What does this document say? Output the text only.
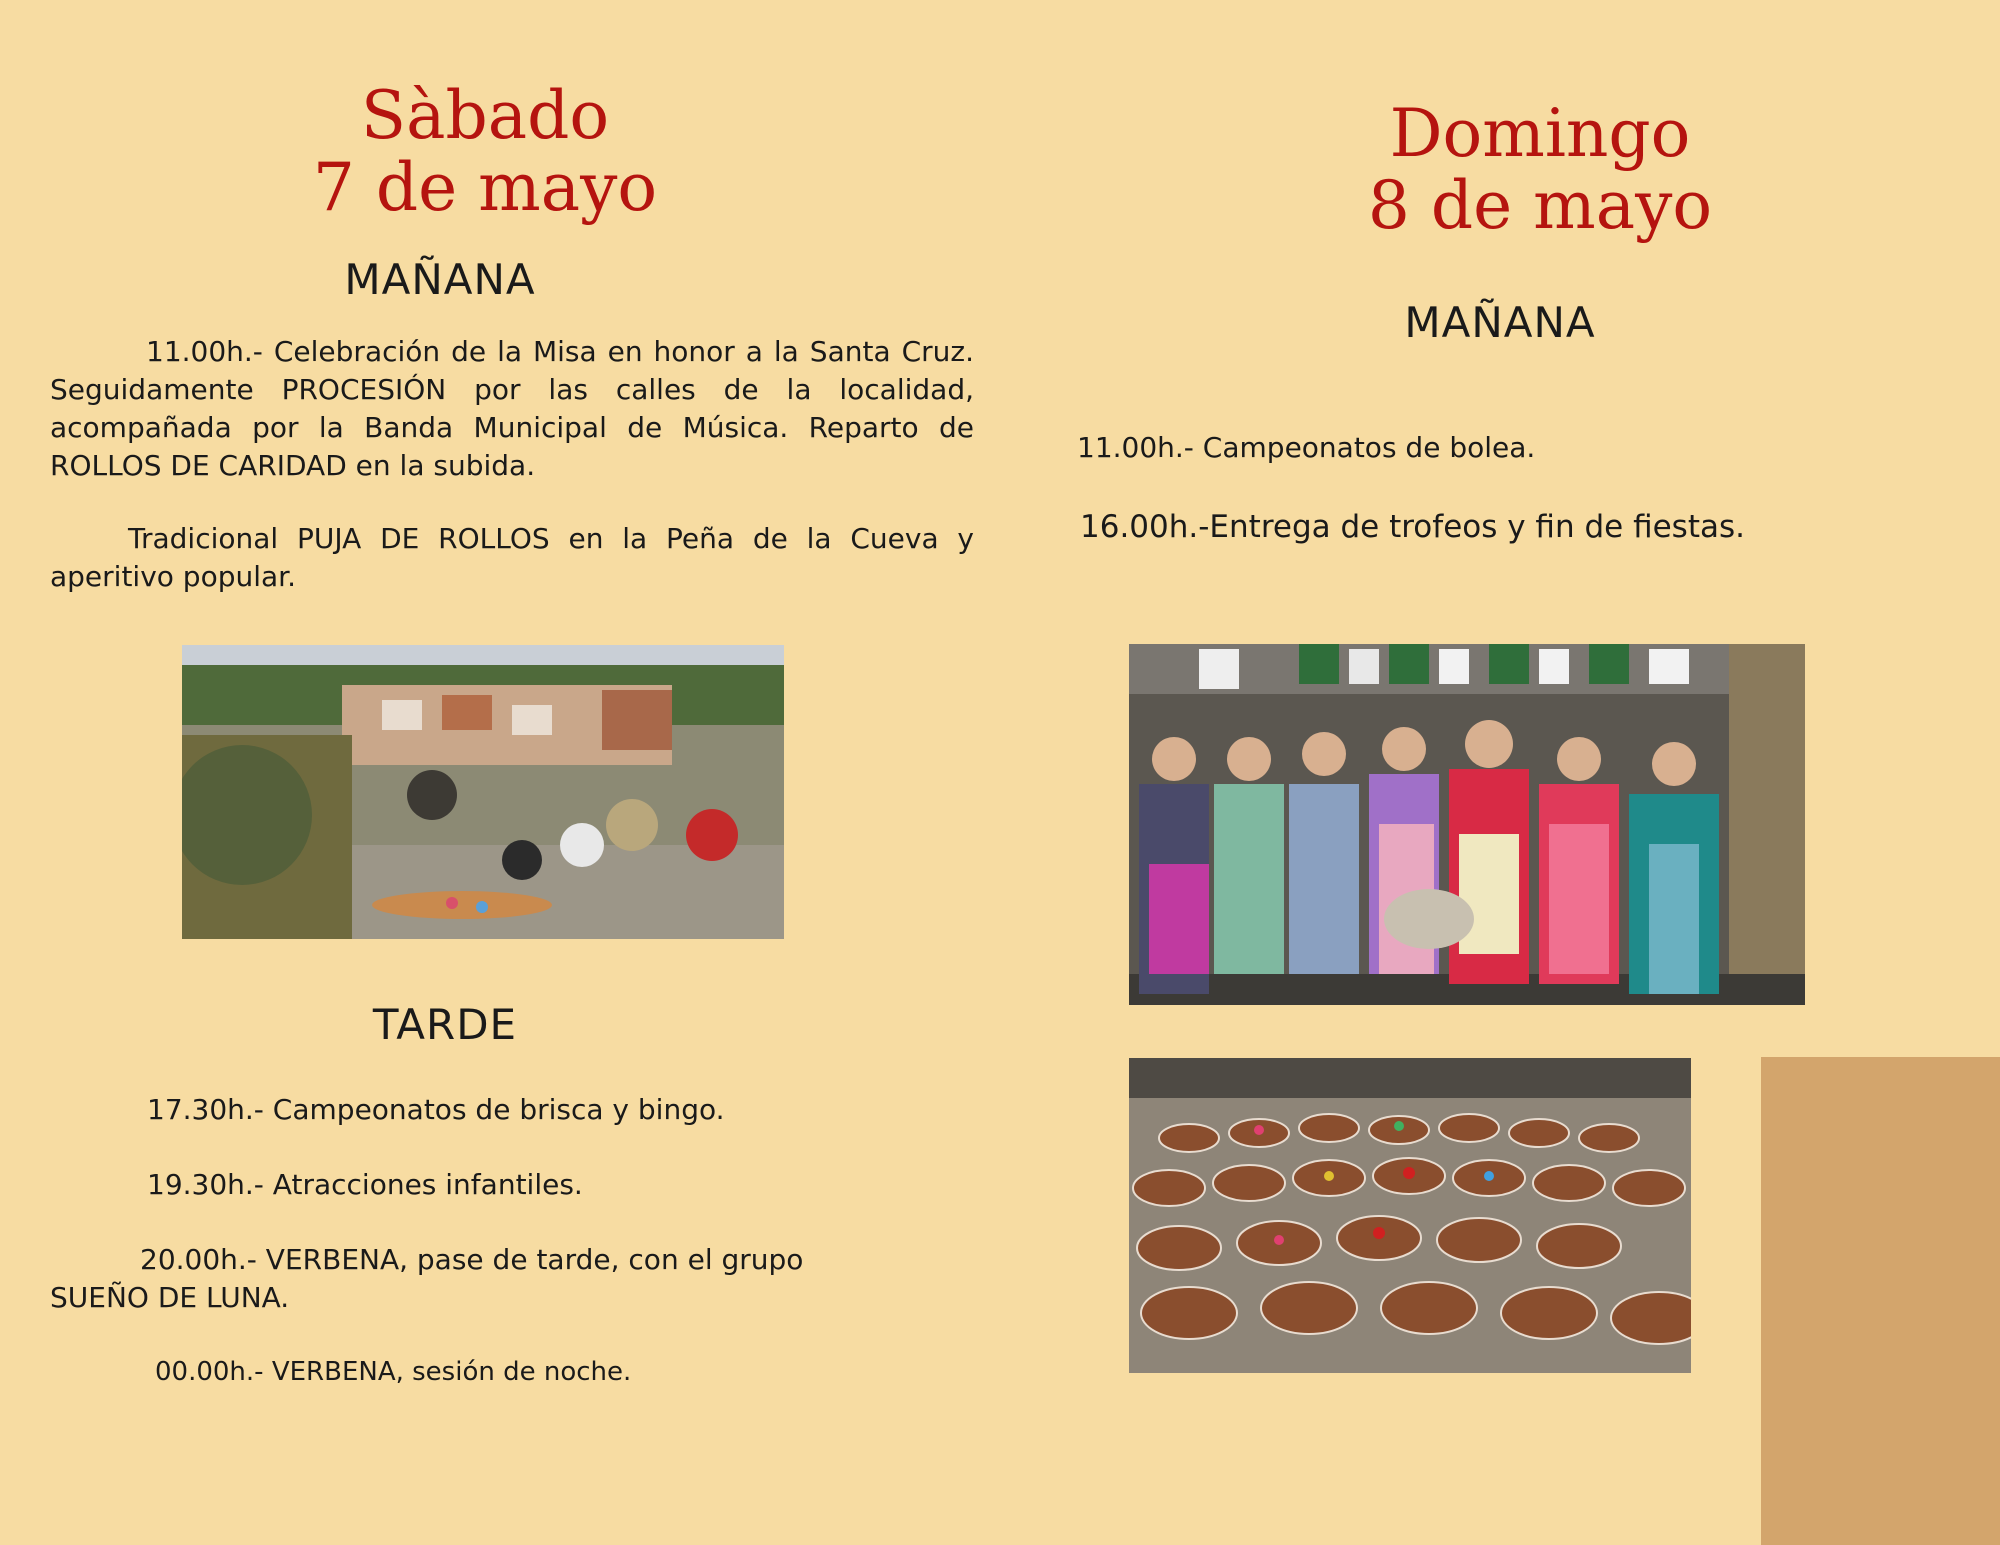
Sàbado
7 de mayo
MAÑANA
11.00h.- Celebración de la Misa en honor a la Santa Cruz. Seguidamente PROCESIÓN por las calles de la localidad, acompañada por la Banda Municipal de Música. Reparto de ROLLOS DE CARIDAD en la subida.
Tradicional PUJA DE ROLLOS en la Peña de la Cueva y aperitivo popular.
TARDE
17.30h.- Campeonatos de brisca y bingo.
19.30h.- Atracciones infantiles.
20.00h.- VERBENA, pase de tarde, con el grupo
SUEÑO DE LUNA.
00.00h.- VERBENA, sesión de noche.
Domingo
8 de mayo
MAÑANA
11.00h.- Campeonatos de bolea.
16.00h.-Entrega de trofeos y fin de fiestas.
